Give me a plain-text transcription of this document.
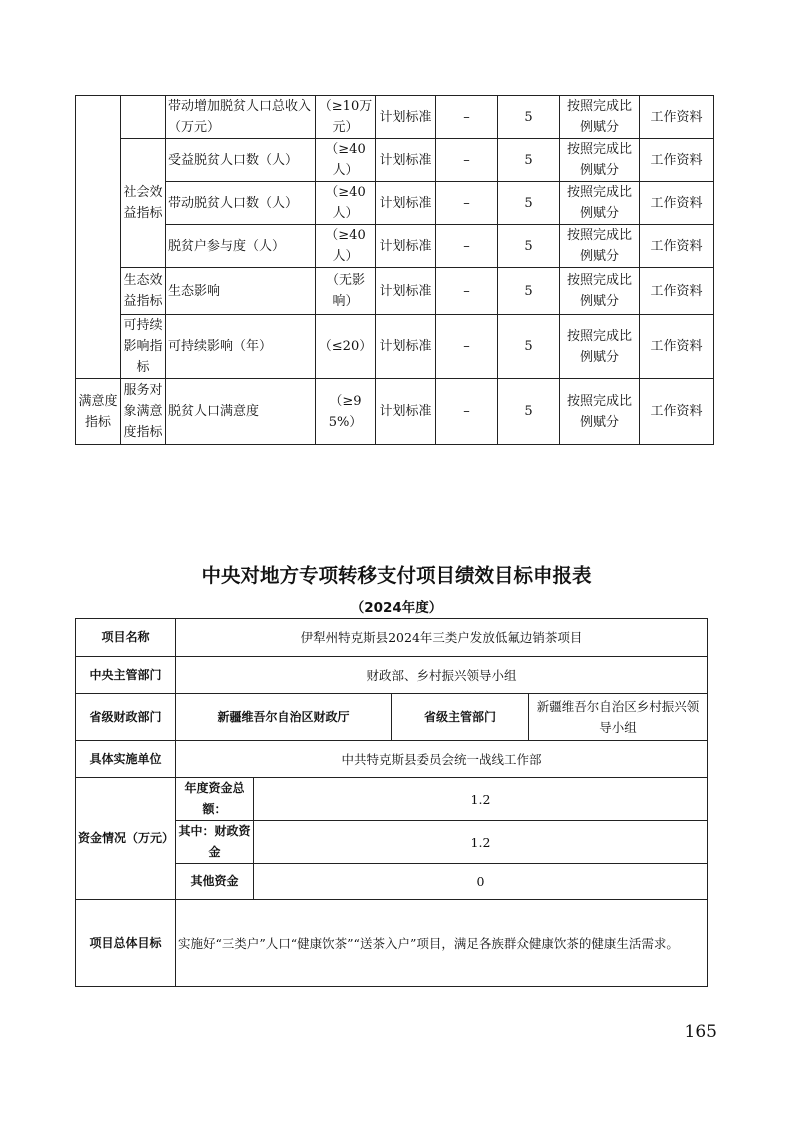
		带动增加脱贫人口总收入（万元）	（≥10万元）	计划标准	–	5	按照完成比例赋分	工作资料
	社会效益指标	受益脱贫人口数（人）	（≥40人）	计划标准	–	5	按照完成比例赋分	工作资料
		带动脱贫人口数（人）	（≥40人）	计划标准	–	5	按照完成比例赋分	工作资料
		脱贫户参与度（人）	（≥40人）	计划标准	–	5	按照完成比例赋分	工作资料
	生态效益指标	生态影响	（无影响）	计划标准	–	5	按照完成比例赋分	工作资料
	可持续影响指标	可持续影响（年）	（≤20）	计划标准	–	5	按照完成比例赋分	工作资料
满意度指标	服务对象满意度指标	脱贫人口满意度	（≥95%）	计划标准	–	5	按照完成比例赋分	工作资料
中央对地方专项转移支付项目绩效目标申报表
（2024年度）
项目名称	伊犁州特克斯县2024年三类户发放低氟边销茶项目			
中央主管部门	财政部、乡村振兴领导小组			
省级财政部门	新疆维吾尔自治区财政厅		省级主管部门	新疆维吾尔自治区乡村振兴领导小组
具体实施单位	中共特克斯县委员会统一战线工作部			
资金情况（万元）	年度资金总额：	1.2		
	其中：财政资金	1.2		
	其他资金	0		
项目总体目标	实施好“三类户”人口“健康饮茶”“送茶入户”项目，满足各族群众健康饮茶的健康生活需求。			
165
